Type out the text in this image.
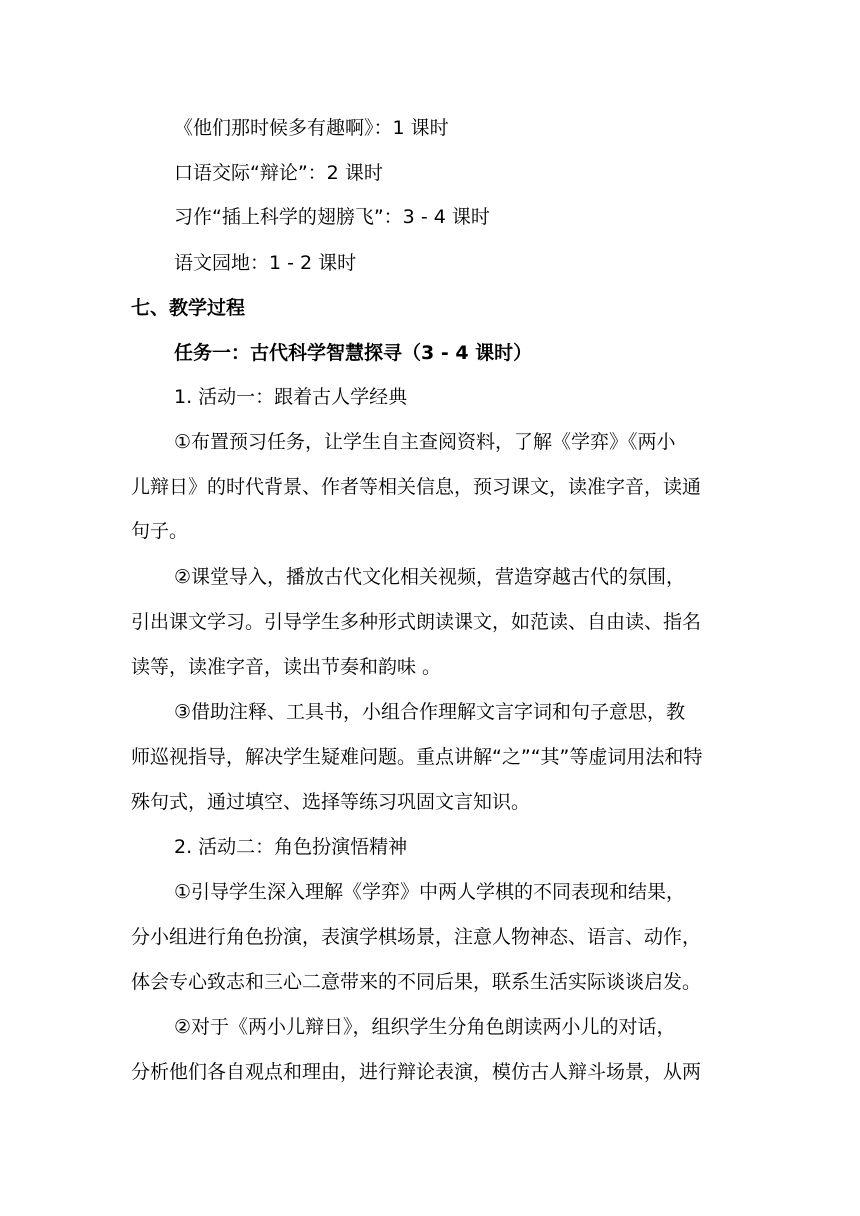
《他们那时候多有趣啊》：1 课时
口语交际“辩论”：2 课时
习作“插上科学的翅膀飞”：3 - 4 课时
语文园地：1 - 2 课时
七、教学过程
任务一：古代科学智慧探寻（3 - 4 课时）
1. 活动一：跟着古人学经典
①布置预习任务，让学生自主查阅资料，了解《学弈》《两小
儿辩日》的时代背景、作者等相关信息，预习课文，读准字音，读通
句子。
②课堂导入，播放古代文化相关视频，营造穿越古代的氛围，
引出课文学习。引导学生多种形式朗读课文，如范读、自由读、指名
读等，读准字音，读出节奏和韵味 。
③借助注释、工具书，小组合作理解文言字词和句子意思，教
师巡视指导，解决学生疑难问题。重点讲解“之”“其”等虚词用法和特
殊句式，通过填空、选择等练习巩固文言知识。
2. 活动二：角色扮演悟精神
①引导学生深入理解《学弈》中两人学棋的不同表现和结果，
分小组进行角色扮演，表演学棋场景，注意人物神态、语言、动作，
体会专心致志和三心二意带来的不同后果，联系生活实际谈谈启发。
②对于《两小儿辩日》，组织学生分角色朗读两小儿的对话，
分析他们各自观点和理由，进行辩论表演，模仿古人辩斗场景，从两
